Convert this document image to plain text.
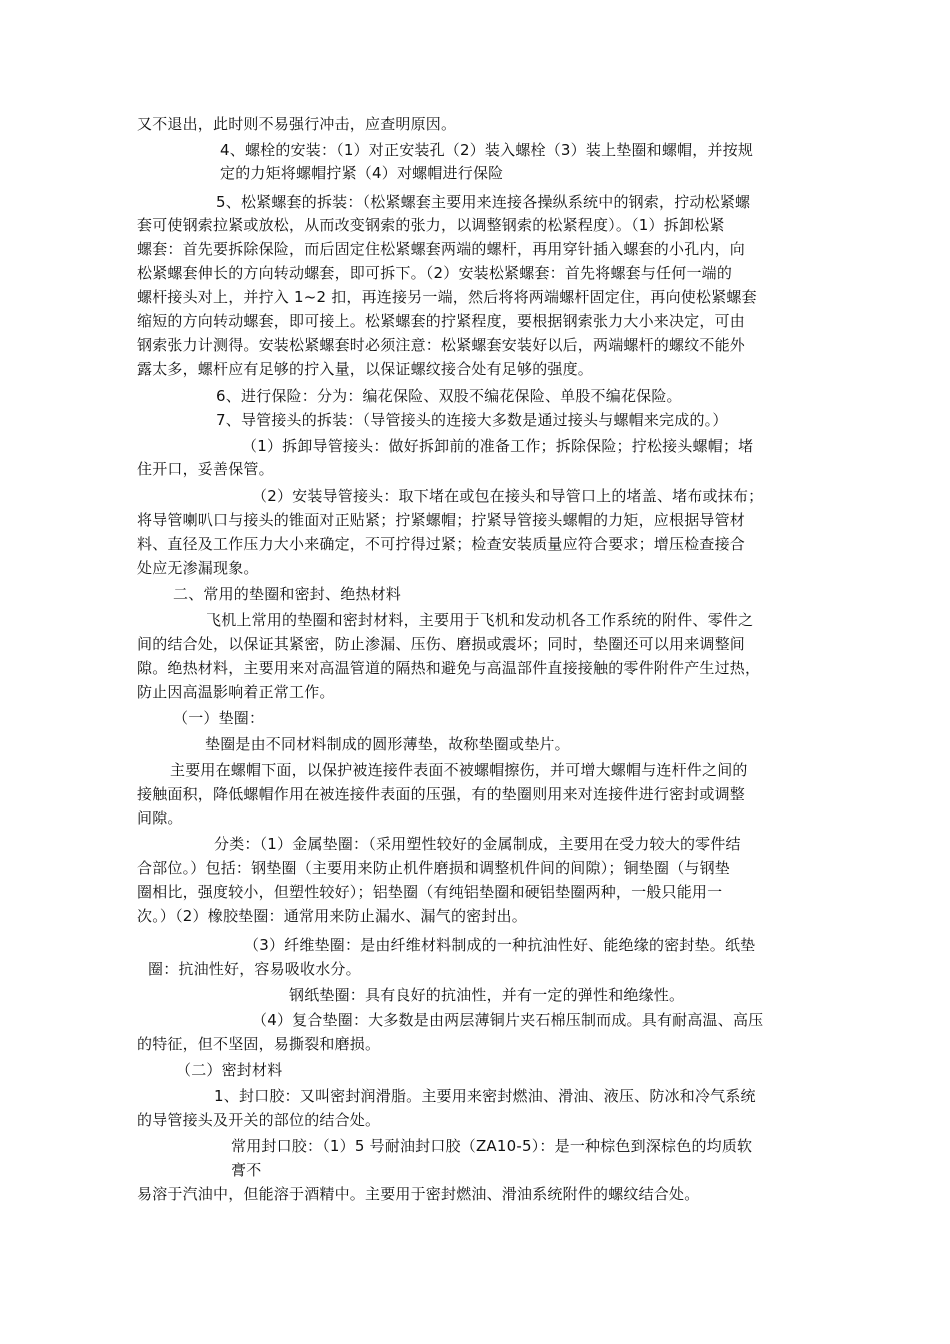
又不退出，此时则不易强行冲击，应查明原因。
4、螺栓的安装：（1）对正安装孔（2）装入螺栓（3）装上垫圈和螺帽，并按规
定的力矩将螺帽拧紧（4）对螺帽进行保险
5、松紧螺套的拆装：（松紧螺套主要用来连接各操纵系统中的钢索，拧动松紧螺
套可使钢索拉紧或放松，从而改变钢索的张力，以调整钢索的松紧程度）。（1）拆卸松紧
螺套：首先要拆除保险，而后固定住松紧螺套两端的螺杆，再用穿针插入螺套的小孔内，向
松紧螺套伸长的方向转动螺套，即可拆下。（2）安装松紧螺套：首先将螺套与任何一端的
螺杆接头对上，并拧入 1~2 扣，再连接另一端，然后将将两端螺杆固定住，再向使松紧螺套
缩短的方向转动螺套，即可接上。松紧螺套的拧紧程度，要根据钢索张力大小来决定，可由
钢索张力计测得。安装松紧螺套时必须注意：松紧螺套安装好以后，两端螺杆的螺纹不能外
露太多，螺杆应有足够的拧入量，以保证螺纹接合处有足够的强度。
6、进行保险：分为：编花保险、双股不编花保险、单股不编花保险。
7、导管接头的拆装：（导管接头的连接大多数是通过接头与螺帽来完成的。）
（1）拆卸导管接头：做好拆卸前的准备工作；拆除保险；拧松接头螺帽；堵
住开口，妥善保管。
（2）安装导管接头：取下堵在或包在接头和导管口上的堵盖、堵布或抹布；
将导管喇叭口与接头的锥面对正贴紧；拧紧螺帽；拧紧导管接头螺帽的力矩，应根据导管材
料、直径及工作压力大小来确定，不可拧得过紧；检查安装质量应符合要求；增压检查接合
处应无渗漏现象。
二、常用的垫圈和密封、绝热材料
飞机上常用的垫圈和密封材料，主要用于飞机和发动机各工作系统的附件、零件之
间的结合处，以保证其紧密，防止渗漏、压伤、磨损或震坏；同时，垫圈还可以用来调整间
隙。绝热材料，主要用来对高温管道的隔热和避免与高温部件直接接触的零件附件产生过热，
防止因高温影响着正常工作。
（一）垫圈：
垫圈是由不同材料制成的圆形薄垫，故称垫圈或垫片。
主要用在螺帽下面，以保护被连接件表面不被螺帽擦伤，并可增大螺帽与连杆件之间的
接触面积，降低螺帽作用在被连接件表面的压强，有的垫圈则用来对连接件进行密封或调整
间隙。
分类：（1）金属垫圈：（采用塑性较好的金属制成，主要用在受力较大的零件结
合部位。）包括：钢垫圈（主要用来防止机件磨损和调整机件间的间隙）；铜垫圈（与钢垫
圈相比，强度较小，但塑性较好）；铝垫圈（有纯铝垫圈和硬铝垫圈两种，一般只能用一
次。）（2）橡胶垫圈：通常用来防止漏水、漏气的密封出。
（3）纤维垫圈：是由纤维材料制成的一种抗油性好、能绝缘的密封垫。纸垫
圈：抗油性好，容易吸收水分。
钢纸垫圈：具有良好的抗油性，并有一定的弹性和绝缘性。
（4）复合垫圈：大多数是由两层薄铜片夹石棉压制而成。具有耐高温、高压
的特征，但不坚固，易撕裂和磨损。
（二）密封材料
1、封口胶：又叫密封润滑脂。主要用来密封燃油、滑油、液压、防冰和冷气系统
的导管接头及开关的部位的结合处。
常用封口胶：（1）5 号耐油封口胶（ZA10-5）：是一种棕色到深棕色的均质软
膏不
易溶于汽油中，但能溶于酒精中。主要用于密封燃油、滑油系统附件的螺纹结合处。
